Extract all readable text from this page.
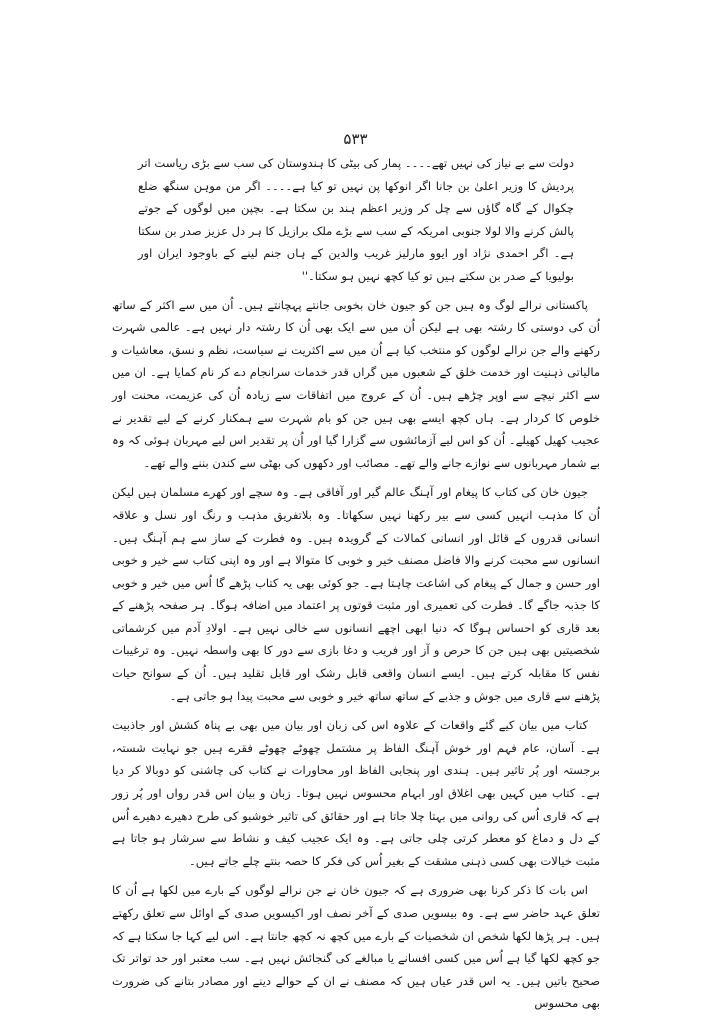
۵۳۳

دولت سے بے نیاز کی نہیں تھے۔۔۔۔ پمار کی بیٹی کا ہندوستان کی سب سے بڑی ریاست اتر پردیش کا وزیر اعلیٰ بن جانا اگر انوکھا پن نہیں تو کیا ہے۔۔۔۔ اگر من موہن سنگھ ضلع چکوال کے گاہ گاؤں سے چل کر وزیر اعظم ہند بن سکتا ہے۔ بچپن میں لوگوں کے جوتے پالش کرنے والا لولا جنوبی امریکہ کے سب سے بڑے ملک برازیل کا ہر دل عزیز صدر بن سکتا ہے۔ اگر احمدی نژاد اور ایوو مارلیز غریب والدین کے ہاں جنم لینے کے باوجود ایران اور بولیویا کے صدر بن سکتے ہیں تو کیا کچھ نہیں ہو سکتا۔''

پاکستانی نرالے لوگ وہ ہیں جن کو جیون خان بخوبی جانتے پہچانتے ہیں۔ اُن میں سے اکثر کے ساتھ اُن کی دوستی کا رشتہ بھی ہے لیکن اُن میں سے ایک بھی اُن کا رشتہ دار نہیں ہے۔ عالمی شہرت رکھنے والے جن نرالے لوگوں کو منتخب کیا ہے اُن میں سے اکثریت نے سیاست، نظم و نسق، معاشیات و مالیاتی ذہنیت اور خدمت خلق کے شعبوں میں گراں قدر خدمات سرانجام دے کر نام کمایا ہے۔ ان میں سے اکثر نیچے سے اوپر چڑھے ہیں۔ اُن کے عروج میں اتفاقات سے زیادہ اُن کی عزیمت، محنت اور خلوص کا کردار ہے۔ ہاں کچھ ایسے بھی ہیں جن کو بام شہرت سے ہمکنار کرنے کے لیے تقدیر نے عجیب کھیل کھیلے۔ اُن کو اس لیے آزمائشوں سے گزارا گیا اور اُن پر تقدیر اس لیے مہربان ہوئی کہ وہ بے شمار مہربانوں سے نوازے جانے والے تھے۔ مصائب اور دکھوں کی بھٹی سے کندن بننے والے تھے۔

جیون خان کی کتاب کا پیغام اور آہنگ عالم گیر اور آفاقی ہے۔ وہ سچے اور کھرے مسلمان ہیں لیکن اُن کا مذہب انہیں کسی سے بیر رکھنا نہیں سکھاتا۔ وہ بلاتفریق مذہب و رنگ اور نسل و علاقہ انسانی قدروں کے قائل اور انسانی کمالات کے گرویدہ ہیں۔ وہ فطرت کے ساز سے ہم آہنگ ہیں۔ انسانوں سے محبت کرنے والا فاضل مصنف خیر و خوبی کا متوالا ہے اور وہ اپنی کتاب سے خیر و خوبی اور حسن و جمال کے پیغام کی اشاعت چاہتا ہے۔ جو کوئی بھی یہ کتاب پڑھے گا اُس میں خیر و خوبی کا جذبہ جاگے گا۔ فطرت کی تعمیری اور مثبت قوتوں پر اعتماد میں اضافہ ہوگا۔ ہر صفحہ پڑھنے کے بعد قاری کو احساس ہوگا کہ دنیا ابھی اچھے انسانوں سے خالی نہیں ہے۔ اولادِ آدم میں کرشماتی شخصیتیں بھی ہیں جن کا حرص و آز اور فریب و دغا بازی سے دور کا بھی واسطہ نہیں۔ وہ ترغیبات نفس کا مقابلہ کرتے ہیں۔ ایسے انسان واقعی قابل رشک اور قابل تقلید ہیں۔ اُن کے سوانح حیات پڑھنے سے قاری میں جوش و جذبے کے ساتھ ساتھ خیر و خوبی سے محبت پیدا ہو جاتی ہے۔

کتاب میں بیان کیے گئے واقعات کے علاوہ اس کی زبان اور بیان میں بھی بے پناہ کشش اور جاذبیت ہے۔ آسان، عام فہم اور خوش آہنگ الفاظ پر مشتمل چھوٹے چھوٹے فقرے ہیں جو نہایت شستہ، برجستہ اور پُر تاثیر ہیں۔ ہندی اور پنجابی الفاظ اور محاورات نے کتاب کی چاشنی کو دوبالا کر دیا ہے۔ کتاب میں کہیں بھی اغلاق اور ابہام محسوس نہیں ہوتا۔ زبان و بیان اس قدر رواں اور پُر زور ہے کہ قاری اُس کی روانی میں بہتا چلا جاتا ہے اور حقائق کی تاثیر خوشبو کی طرح دھیرے دھیرے اُس کے دل و دماغ کو معطر کرتی چلی جاتی ہے۔ وہ ایک عجیب کیف و نشاط سے سرشار ہو جاتا ہے مثبت خیالات بھی کسی ذہنی مشقت کے بغیر اُس کی فکر کا حصہ بنتے چلے جاتے ہیں۔

اس بات کا ذکر کرنا بھی ضروری ہے کہ جیون خان نے جن نرالے لوگوں کے بارے میں لکھا ہے اُن کا تعلق عہد حاضر سے ہے۔ وہ بیسویں صدی کے آخر نصف اور اکیسویں صدی کے اوائل سے تعلق رکھتے ہیں۔ ہر پڑھا لکھا شخص ان شخصیات کے بارے میں کچھ نہ کچھ جانتا ہے۔ اس لیے کہا جا سکتا ہے کہ جو کچھ لکھا گیا ہے اُس میں کسی افسانے یا مبالغے کی گنجائش نہیں ہے۔ سب معتبر اور حد تواتر تک صحیح باتیں ہیں۔ یہ اس قدر عیاں ہیں کہ مصنف نے ان کے حوالے دینے اور مصادر بتانے کی ضرورت بھی محسوس
